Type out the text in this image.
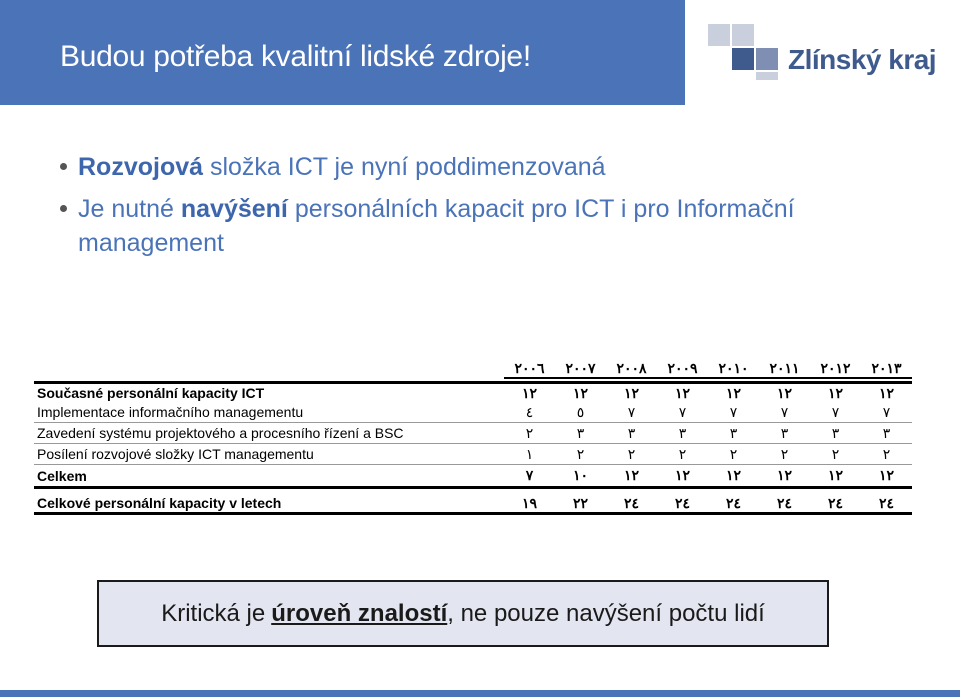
Budou potřeba kvalitní lidské zdroje!	Zlínský kraj
Rozvojová složka ICT je nyní poddimenzovaná
Je nutné navýšení personálních kapacit pro ICT i pro Informační management
٢٠٠٦	٢٠٠٧	٢٠٠٨	٢٠٠٩	٢٠١٠	٢٠١١	٢٠١٢	٢٠١٣
Současné personální kapacity ICT	١٢	١٢	١٢	١٢	١٢	١٢	١٢	١٢
Implementace informačního managementu	٤	٥	٧	٧	٧	٧	٧	٧
Zavedení systému projektového a procesního řízení a BSC	٢	٣	٣	٣	٣	٣	٣	٣
Posílení rozvojové složky ICT managementu	١	٢	٢	٢	٢	٢	٢	٢
Celkem	٧	١٠	١٢	١٢	١٢	١٢	١٢	١٢
Celkové personální kapacity v letech	١٩	٢٢	٢٤	٢٤	٢٤	٢٤	٢٤	٢٤
Kritická je úroveň znalostí , ne pouze navýšení počtu lidí
